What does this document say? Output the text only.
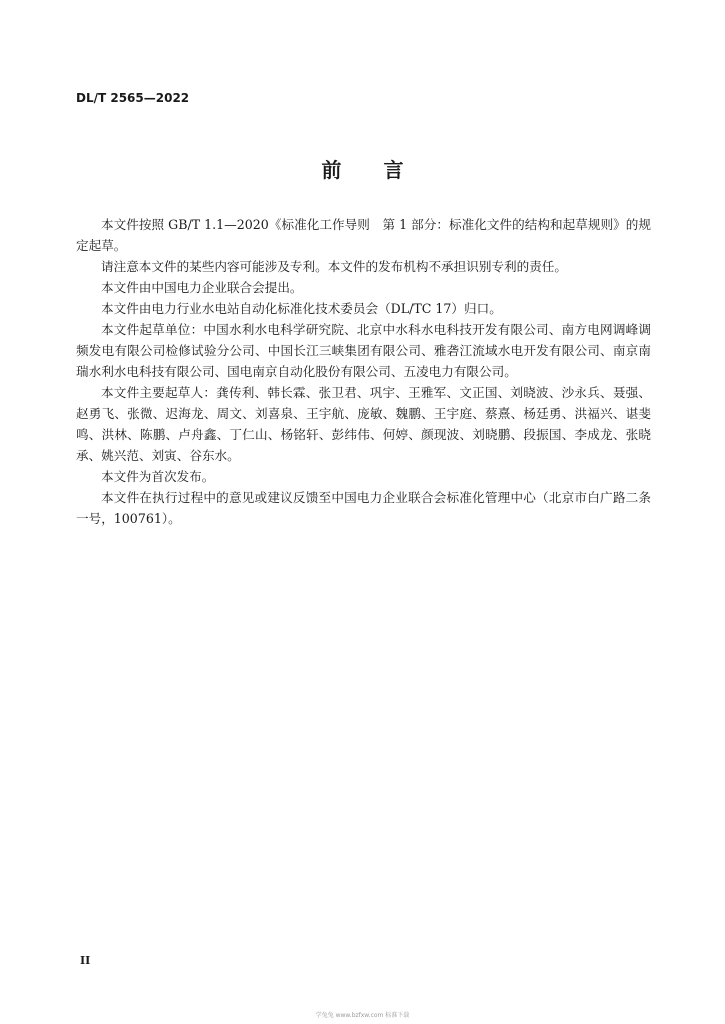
DL/T 2565—2022
前 言

本文件按照 GB/T 1.1—2020《标准化工作导则　第 1 部分：标准化文件的结构和起草规则》的规定起草。

请注意本文件的某些内容可能涉及专利。本文件的发布机构不承担识别专利的责任。

本文件由中国电力企业联合会提出。

本文件由电力行业水电站自动化标准化技术委员会（DL/TC 17）归口。

本文件起草单位：中国水利水电科学研究院、北京中水科水电科技开发有限公司、南方电网调峰调频发电有限公司检修试验分公司、中国长江三峡集团有限公司、雅砻江流域水电开发有限公司、南京南瑞水利水电科技有限公司、国电南京自动化股份有限公司、五凌电力有限公司。

本文件主要起草人：龚传利、韩长霖、张卫君、巩宇、王雅军、文正国、刘晓波、沙永兵、聂强、赵勇飞、张微、迟海龙、周文、刘喜泉、王宇航、庞敏、魏鹏、王宇庭、蔡熹、杨廷勇、洪福兴、谌斐鸣、洪林、陈鹏、卢舟鑫、丁仁山、杨铭轩、彭纬伟、何婷、颜现波、刘晓鹏、段振国、李成龙、张晓承、姚兴范、刘寅、谷东水。

本文件为首次发布。

本文件在执行过程中的意见或建议反馈至中国电力企业联合会标准化管理中心（北京市白广路二条一号，100761）。

II
学兔兔 www.bzfxw.com 标准下载
